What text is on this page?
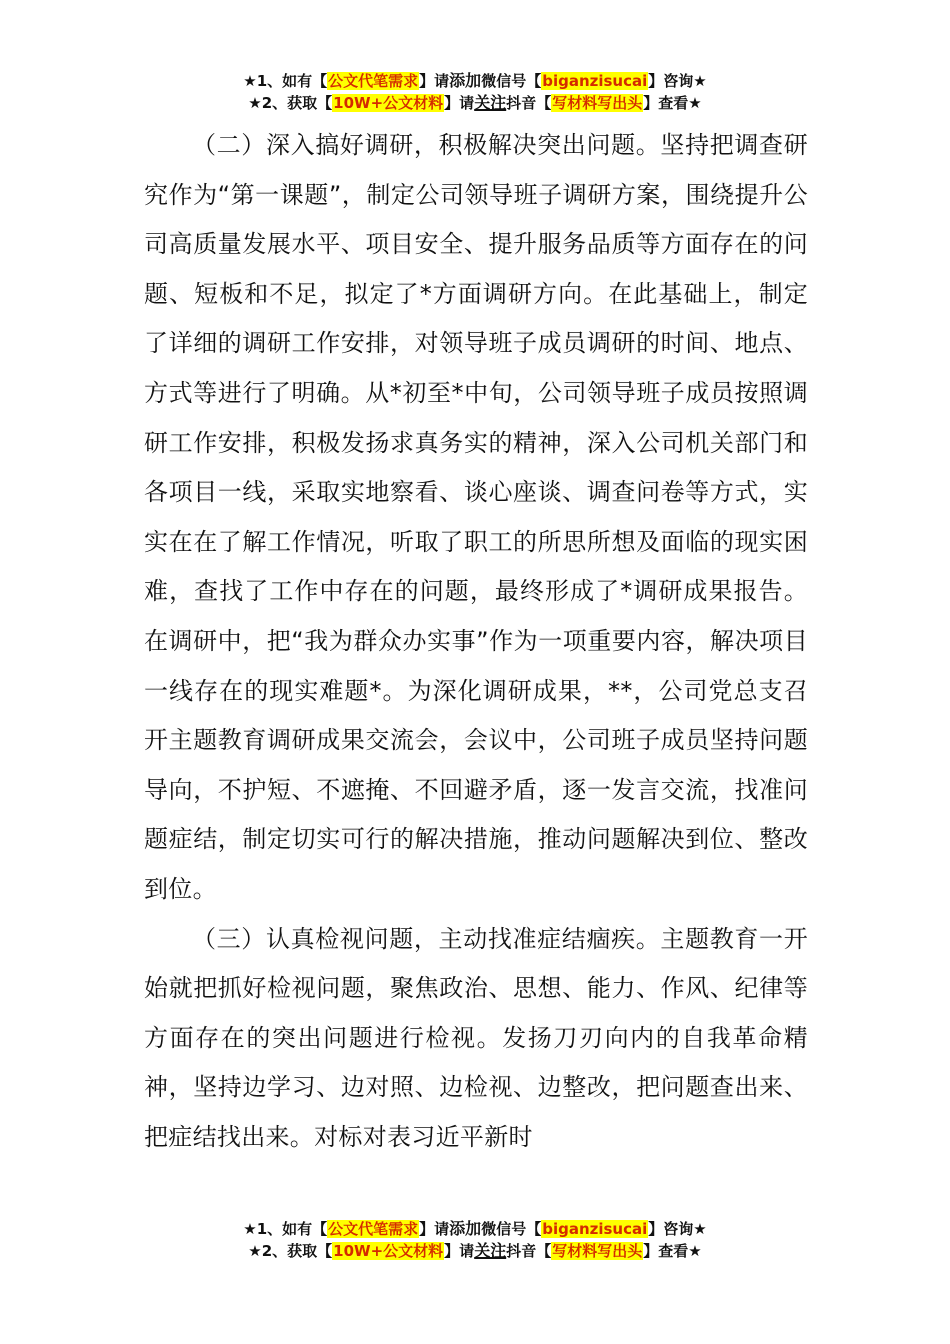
★1、如有【公文代笔需求】请添加微信号【biganzisucai】咨询★
★2、获取【10W+公文材料】请关注抖音【写材料写出头】查看★

（二）深入搞好调研，积极解决突出问题。坚持把调查研究作为“第一课题”，制定公司领导班子调研方案，围绕提升公司高质量发展水平、项目安全、提升服务品质等方面存在的问题、短板和不足，拟定了*方面调研方向。在此基础上，制定了详细的调研工作安排，对领导班子成员调研的时间、地点、方式等进行了明确。从*初至*中旬，公司领导班子成员按照调研工作安排，积极发扬求真务实的精神，深入公司机关部门和各项目一线，采取实地察看、谈心座谈、调查问卷等方式，实实在在了解工作情况，听取了职工的所思所想及面临的现实困难，查找了工作中存在的问题，最终形成了*调研成果报告。在调研中，把“我为群众办实事”作为一项重要内容，解决项目一线存在的现实难题*。为深化调研成果，**，公司党总支召开主题教育调研成果交流会，会议中，公司班子成员坚持问题导向，不护短、不遮掩、不回避矛盾，逐一发言交流，找准问题症结，制定切实可行的解决措施，推动问题解决到位、整改到位。

（三）认真检视问题，主动找准症结痼疾。主题教育一开始就把抓好检视问题，聚焦政治、思想、能力、作风、纪律等方面存在的突出问题进行检视。发扬刀刃向内的自我革命精神，坚持边学习、边对照、边检视、边整改，把问题查出来、把症结找出来。对标对表习近平新时

★1、如有【公文代笔需求】请添加微信号【biganzisucai】咨询★
★2、获取【10W+公文材料】请关注抖音【写材料写出头】查看★
